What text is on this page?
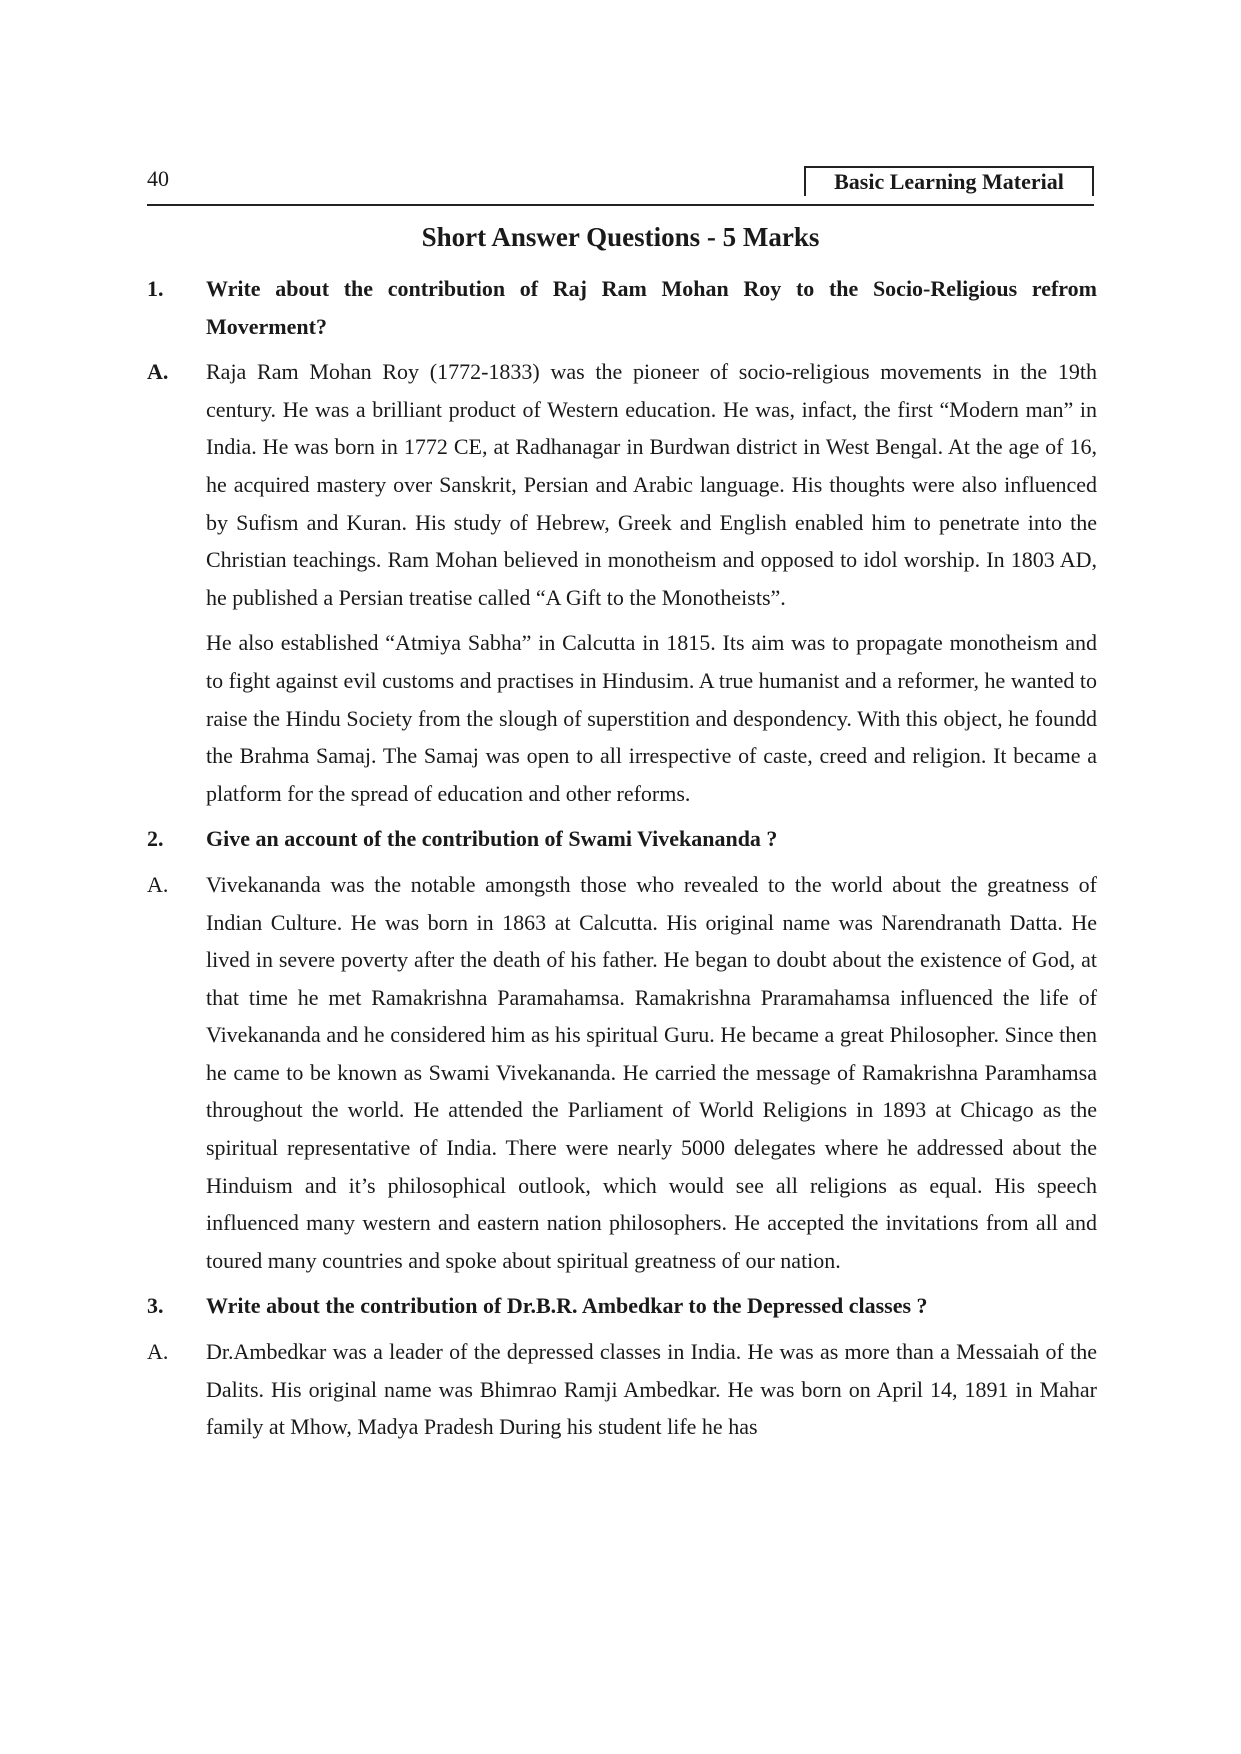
40	Basic Learning Material
Short Answer Questions - 5 Marks
1.	Write about the contribution of Raj Ram Mohan Roy to the Socio-Religious refrom Moverment?

A.	Raja Ram Mohan Roy (1772-1833) was the pioneer of socio-religious movements in the 19th century. He was a brilliant product of Western education. He was, infact, the first “Modern man” in India. He was born in 1772 CE, at Radhanagar in Burdwan district in West Bengal. At the age of 16, he acquired mastery over Sanskrit, Persian and Arabic language. His thoughts were also influenced by Sufism and Kuran. His study of Hebrew, Greek and English enabled him to penetrate into the Christian teachings. Ram Mohan believed in monotheism and opposed to idol worship. In 1803 AD, he published a Persian treatise called “A Gift to the Monotheists”.

He also established “Atmiya Sabha” in Calcutta in 1815. Its aim was to propagate monotheism and to fight against evil customs and practises in Hindusim. A true humanist and a reformer, he wanted to raise the Hindu Society from the slough of superstition and despondency. With this object, he foundd the Brahma Samaj. The Samaj was open to all irrespective of caste, creed and religion. It became a platform for the spread of education and other reforms.

2.	Give an account of the contribution of Swami Vivekananda ?

A.	Vivekananda was the notable amongsth those who revealed to the world about the greatness of Indian Culture. He was born in 1863 at Calcutta. His original name was Narendranath Datta. He lived in severe poverty after the death of his father. He began to doubt about the existence of God, at that time he met Ramakrishna Paramahamsa. Ramakrishna Praramahamsa influenced the life of Vivekananda and he considered him as his spiritual Guru. He became a great Philosopher. Since then he came to be known as Swami Vivekananda. He carried the message of Ramakrishna Paramhamsa throughout the world. He attended the Parliament of World Religions in 1893 at Chicago as the spiritual representative of India. There were nearly 5000 delegates where he addressed about the Hinduism and it’s philosophical outlook, which would see all religions as equal. His speech influenced many western and eastern nation philosophers. He accepted the invitations from all and toured many countries and spoke about spiritual greatness of our nation.

3.	Write about the contribution of Dr.B.R. Ambedkar to the Depressed classes ?

A.	Dr.Ambedkar was a leader of the depressed classes in India. He was as more than a Messaiah of the Dalits. His original name was Bhimrao Ramji Ambedkar. He was born on April 14, 1891 in Mahar family at Mhow, Madya Pradesh During his student life he has
